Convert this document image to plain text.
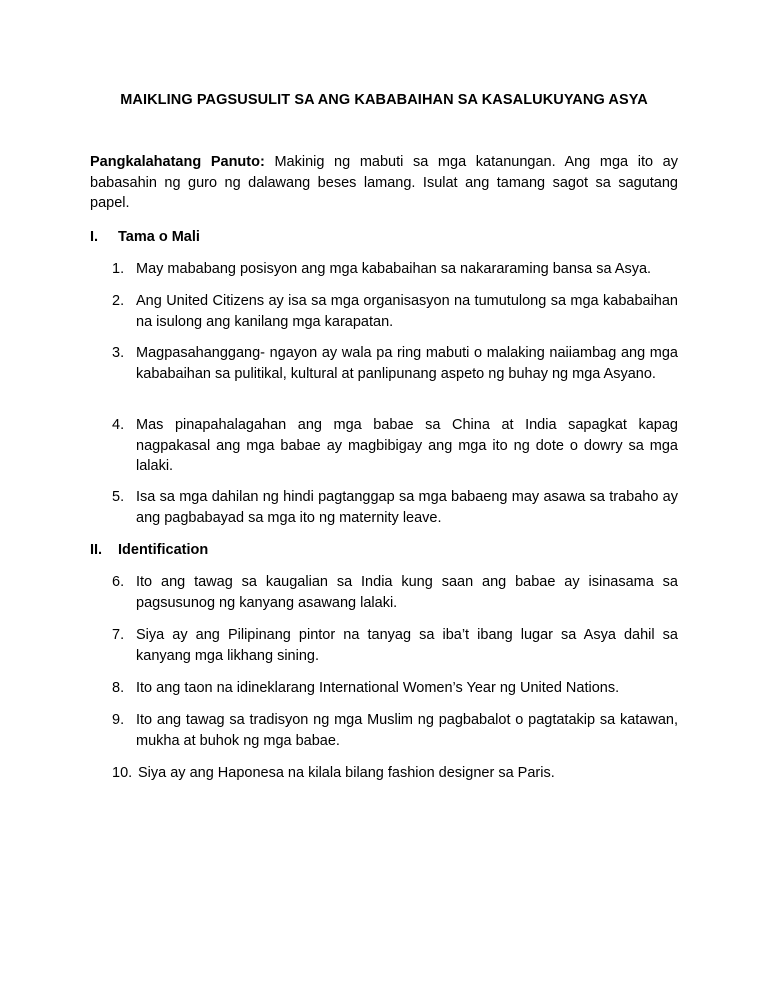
MAIKLING PAGSUSULIT SA ANG KABABAIHAN SA KASALUKUYANG ASYA
Pangkalahatang Panuto: Makinig ng mabuti sa mga katanungan. Ang mga ito ay babasahin ng guro ng dalawang beses lamang. Isulat ang tamang sagot sa sagutang papel.
I. Tama o Mali
1. May mababang posisyon ang mga kababaihan sa nakararaming bansa sa Asya.
2. Ang United Citizens ay isa sa mga organisasyon na tumutulong sa mga kababaihan na isulong ang kanilang mga karapatan.
3. Magpasahanggang- ngayon ay wala pa ring mabuti o malaking naiiambag ang mga kababaihan sa pulitikal, kultural at panlipunang aspeto ng buhay ng mga Asyano.
4. Mas pinapahalagahan ang mga babae sa China at India sapagkat kapag nagpakasal ang mga babae ay magbibigay ang mga ito ng dote o dowry sa mga lalaki.
5. Isa sa mga dahilan ng hindi pagtanggap sa mga babaeng may asawa sa trabaho ay ang pagbabayad sa mga ito ng maternity leave.
II. Identification
6. Ito ang tawag sa kaugalian sa India kung saan ang babae ay isinasama sa pagsusunog ng kanyang asawang lalaki.
7. Siya ay ang Pilipinang pintor na tanyag sa iba’t ibang lugar sa Asya dahil sa kanyang mga likhang sining.
8. Ito ang taon na idineklarang International Women’s Year ng United Nations.
9. Ito ang tawag sa tradisyon ng mga Muslim ng pagbabalot o pagtatakip sa katawan, mukha at buhok ng mga babae.
10. Siya ay ang Haponesa na kilala bilang fashion designer sa Paris.
